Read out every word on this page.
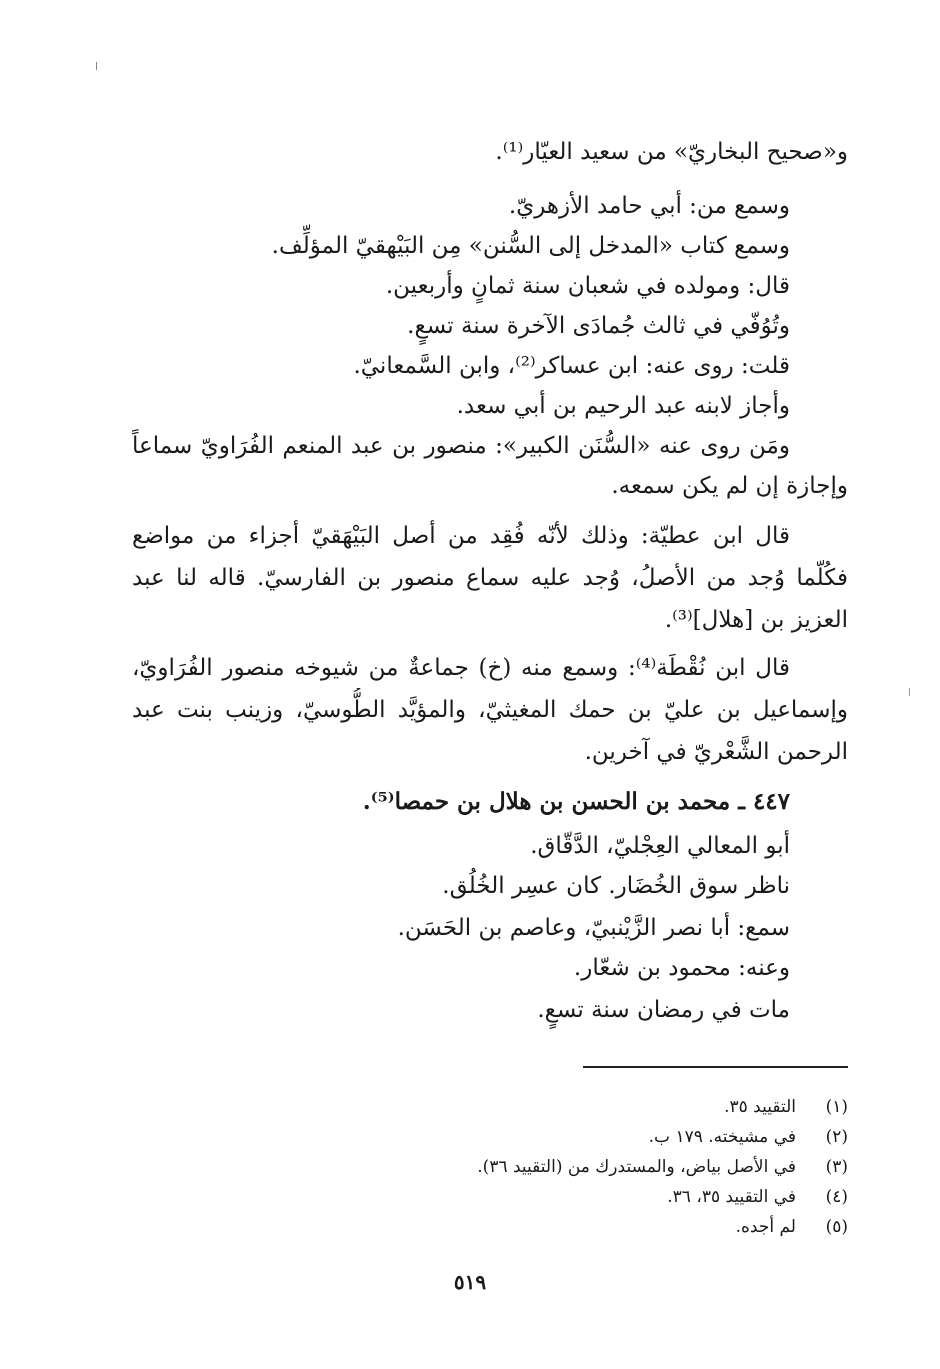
و«صحيح البخاريّ» من سعيد العيّار⁽¹⁾.
وسمع من: أبي حامد الأزهريّ.
وسمع كتاب «المدخل إلى السُّنن» مِن البَيْهقيّ المؤلِّف.
قال: ومولده في شعبان سنة ثمانٍ وأربعين.
وتُوُفّي في ثالث جُمادَى الآخرة سنة تسعٍ.
قلت: روى عنه: ابن عساكر⁽²⁾، وابن السَّمعانيّ.
وأجاز لابنه عبد الرحيم بن أبي سعد.
ومَن روى عنه «السُّنَن الكبير»: منصور بن عبد المنعم الفُرَاويّ سماعاً
وإجازة إن لم يكن سمعه.
قال ابن عطيّة: وذلك لأنّه فُقِد من أصل البَيْهَقيّ أجزاء من مواضع
فكُلّما وُجد من الأصلُ، وُجد عليه سماع منصور بن الفارسيّ. قاله لنا عبد
العزيز بن [هلال]⁽³⁾.
قال ابن نُقْطَة⁽⁴⁾: وسمع منه (خ) جماعةٌ من شيوخه منصور الفُرَاويّ،
وإسماعيل بن عليّ بن حمك المغيثيّ، والمؤيَّد الطُّوسيّ، وزينب بنت عبد
الرحمن الشَّعْريّ في آخرين.
٤٤٧ ـ محمد بن الحسن بن هلال بن حمصا⁽⁵⁾.
أبو المعالي العِجْليّ، الدَّقّاق.
ناظر سوق الخُضَار. كان عسِر الخُلُق.
سمع: أبا نصر الزَّيْنبيّ، وعاصم بن الحَسَن.
وعنه: محمود بن شعّار.
مات في رمضان سنة تسعٍ.
(١)التقييد ٣٥.
(٢)في مشيخته. ١٧٩ ب.
(٣)في الأصل بياض، والمستدرك من (التقييد ٣٦).
(٤)في التقييد ٣٥، ٣٦.
(٥)لم أجده.
٥١٩
